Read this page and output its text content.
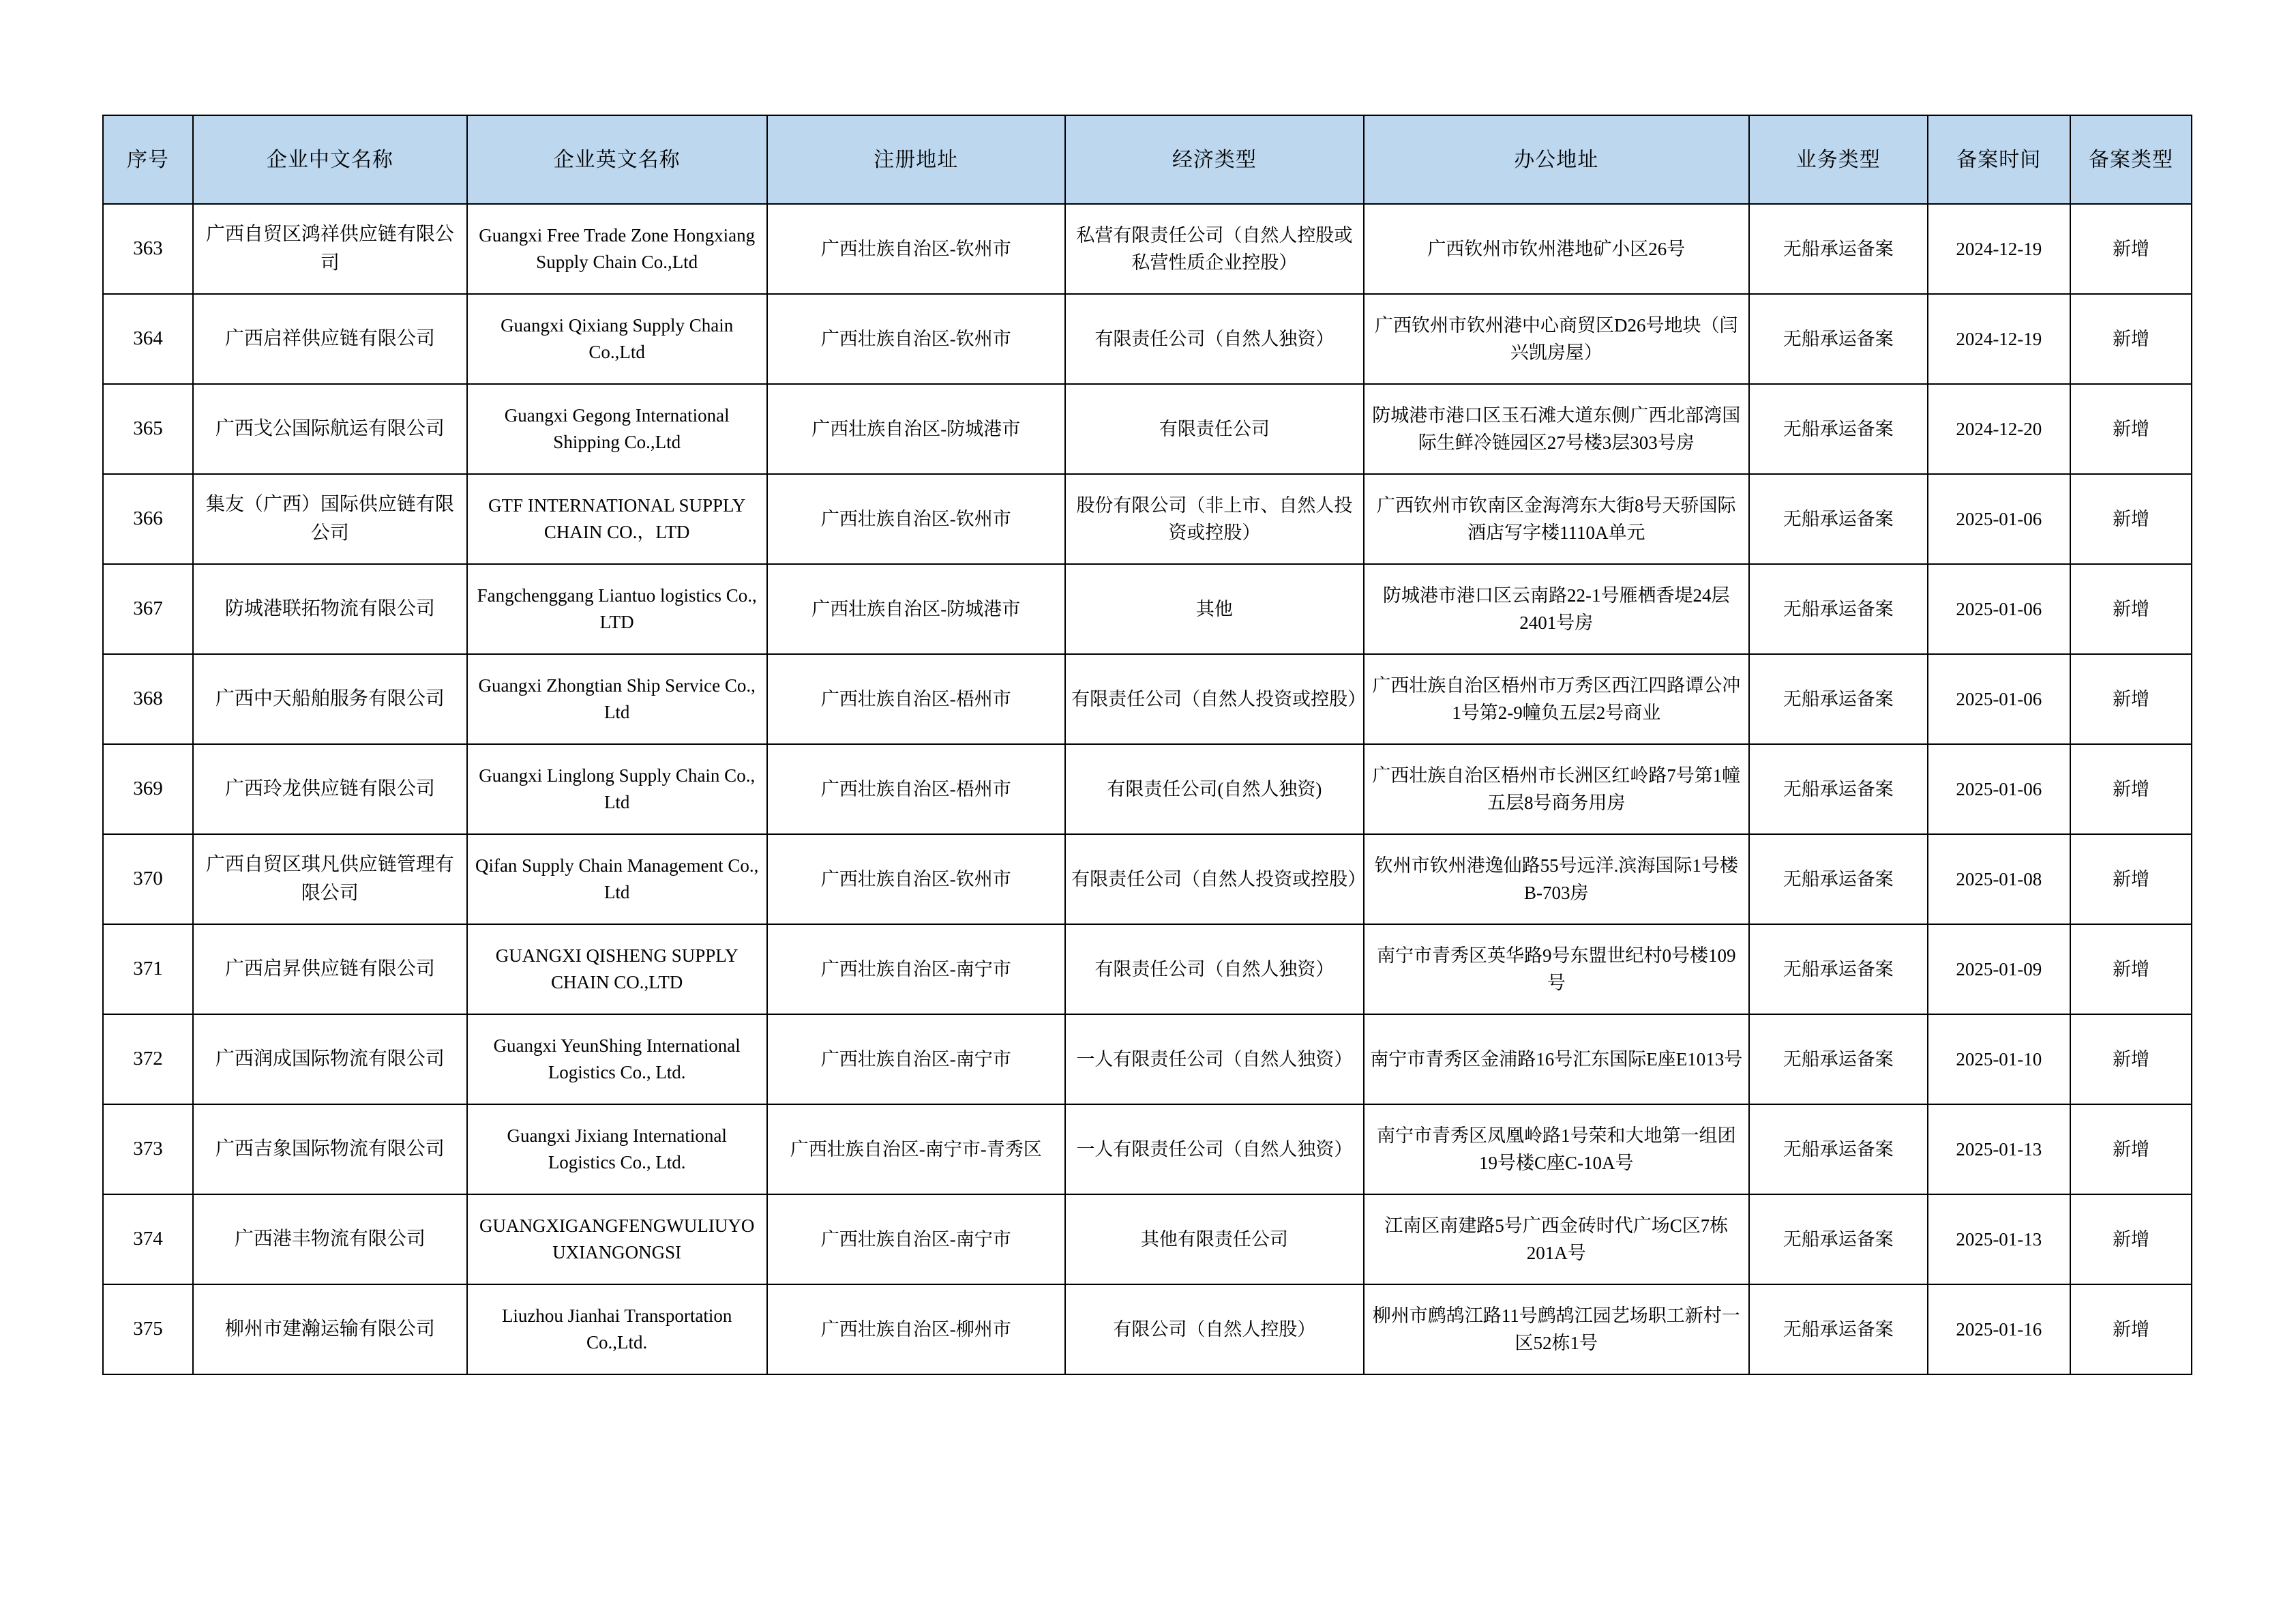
序号	企业中文名称	企业英文名称	注册地址	经济类型	办公地址	业务类型	备案时间	备案类型
363	广西自贸区鸿祥供应链有限公司	Guangxi Free Trade Zone Hongxiang Supply Chain Co.,Ltd	广西壮族自治区-钦州市	私营有限责任公司（自然人控股或私营性质企业控股）	广西钦州市钦州港地矿小区26号	无船承运备案	2024-12-19	新增
364	广西启祥供应链有限公司	Guangxi Qixiang Supply Chain Co.,Ltd	广西壮族自治区-钦州市	有限责任公司（自然人独资）	广西钦州市钦州港中心商贸区D26号地块（闫兴凯房屋）	无船承运备案	2024-12-19	新增
365	广西戈公国际航运有限公司	Guangxi Gegong International Shipping Co.,Ltd	广西壮族自治区-防城港市	有限责任公司	防城港市港口区玉石滩大道东侧广西北部湾国际生鲜冷链园区27号楼3层303号房	无船承运备案	2024-12-20	新增
366	集友（广西）国际供应链有限公司	GTF INTERNATIONAL SUPPLY CHAIN CO.，LTD	广西壮族自治区-钦州市	股份有限公司（非上市、自然人投资或控股）	广西钦州市钦南区金海湾东大街8号天骄国际酒店写字楼1110A单元	无船承运备案	2025-01-06	新增
367	防城港联拓物流有限公司	Fangchenggang Liantuo logistics Co., LTD	广西壮族自治区-防城港市	其他	防城港市港口区云南路22-1号雁栖香堤24层2401号房	无船承运备案	2025-01-06	新增
368	广西中天船舶服务有限公司	Guangxi Zhongtian Ship Service Co., Ltd	广西壮族自治区-梧州市	有限责任公司（自然人投资或控股）	广西壮族自治区梧州市万秀区西江四路谭公冲1号第2-9幢负五层2号商业	无船承运备案	2025-01-06	新增
369	广西玲龙供应链有限公司	Guangxi Linglong Supply Chain Co., Ltd	广西壮族自治区-梧州市	有限责任公司(自然人独资)	广西壮族自治区梧州市长洲区红岭路7号第1幢五层8号商务用房	无船承运备案	2025-01-06	新增
370	广西自贸区琪凡供应链管理有限公司	Qifan Supply Chain Management Co., Ltd	广西壮族自治区-钦州市	有限责任公司（自然人投资或控股）	钦州市钦州港逸仙路55号远洋.滨海国际1号楼B-703房	无船承运备案	2025-01-08	新增
371	广西启昇供应链有限公司	GUANGXI QISHENG SUPPLY CHAIN CO.,LTD	广西壮族自治区-南宁市	有限责任公司（自然人独资）	南宁市青秀区英华路9号东盟世纪村0号楼109号	无船承运备案	2025-01-09	新增
372	广西润成国际物流有限公司	Guangxi YeunShing International Logistics Co., Ltd.	广西壮族自治区-南宁市	一人有限责任公司（自然人独资）	南宁市青秀区金浦路16号汇东国际E座E1013号	无船承运备案	2025-01-10	新增
373	广西吉象国际物流有限公司	Guangxi Jixiang International Logistics Co., Ltd.	广西壮族自治区-南宁市-青秀区	一人有限责任公司（自然人独资）	南宁市青秀区凤凰岭路1号荣和大地第一组团19号楼C座C-10A号	无船承运备案	2025-01-13	新增
374	广西港丰物流有限公司	GUANGXIGANGFENGWULIUYOUXIANGONGSI	广西壮族自治区-南宁市	其他有限责任公司	江南区南建路5号广西金砖时代广场C区7栋201A号	无船承运备案	2025-01-13	新增
375	柳州市建瀚运输有限公司	Liuzhou Jianhai Transportation Co.,Ltd.	广西壮族自治区-柳州市	有限公司（自然人控股）	柳州市鹧鸪江路11号鹧鸪江园艺场职工新村一区52栋1号	无船承运备案	2025-01-16	新增
